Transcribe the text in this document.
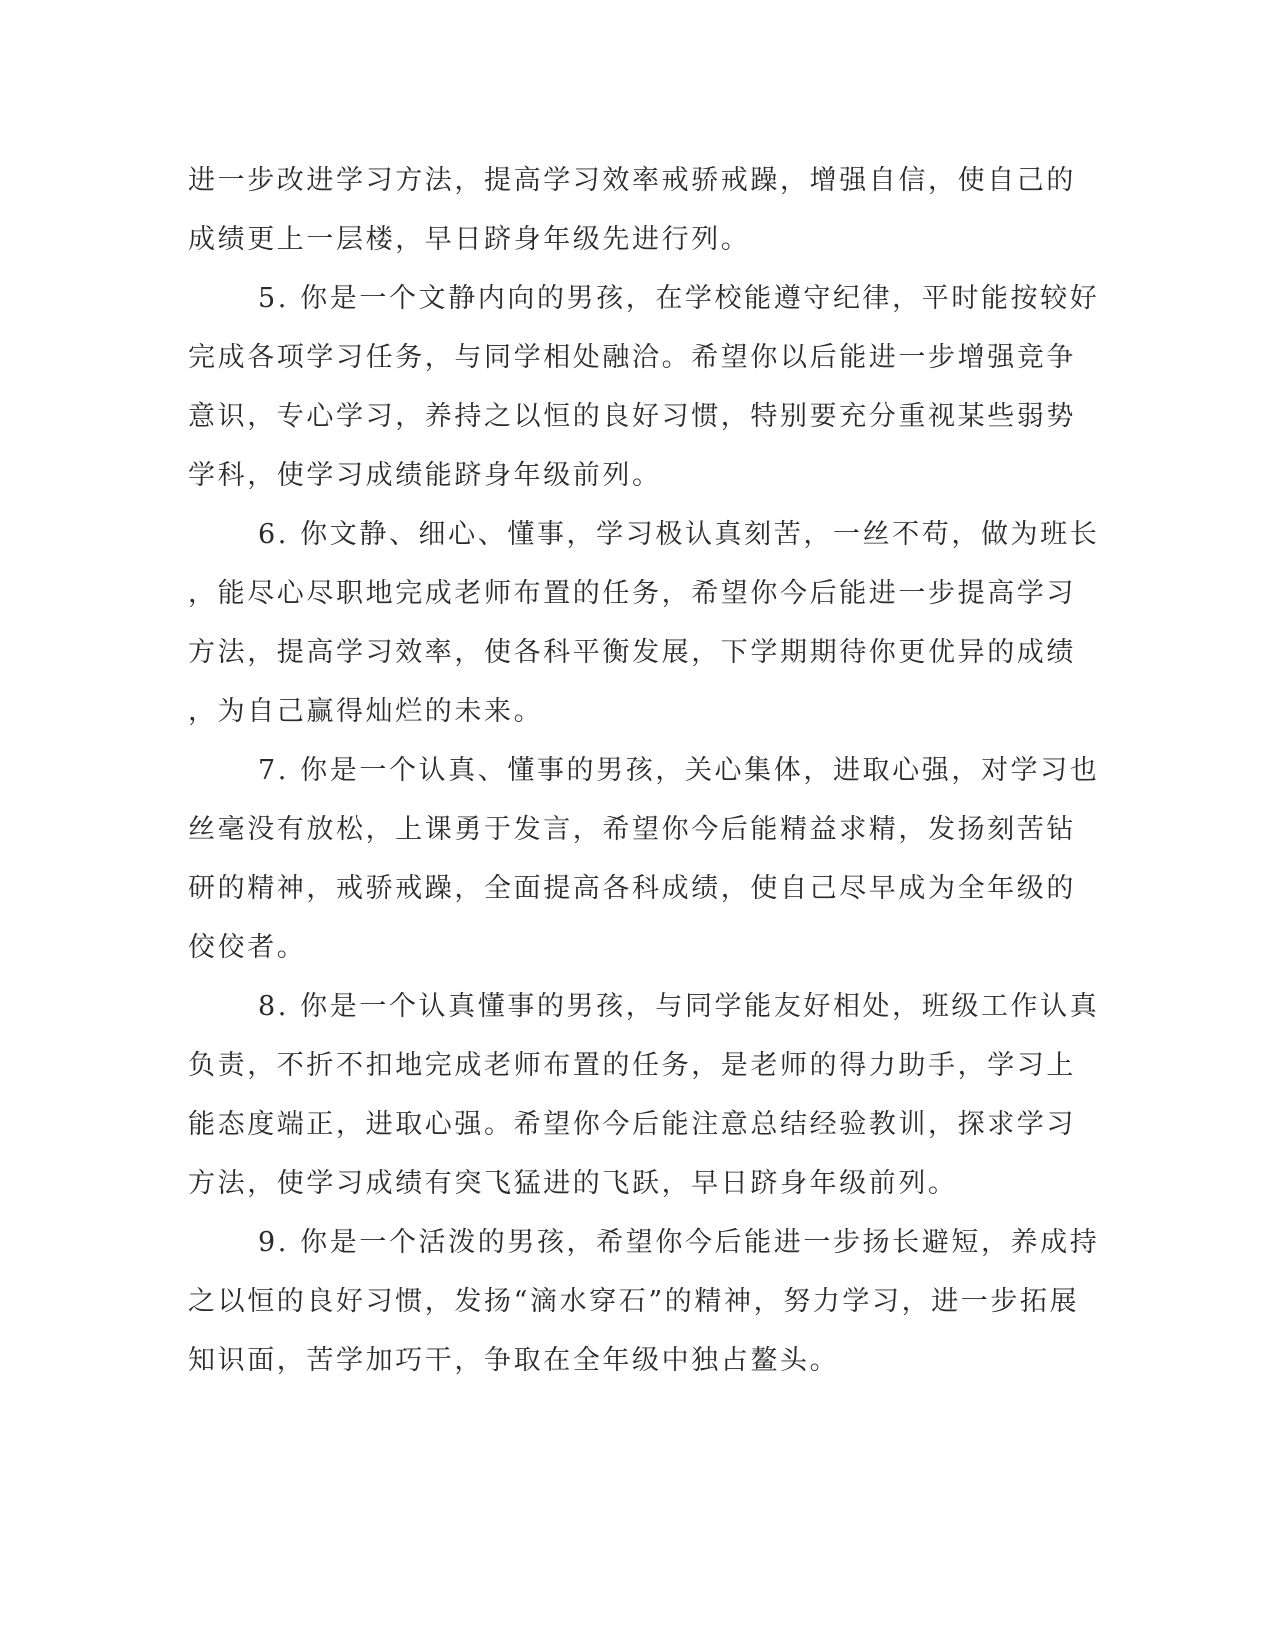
进一步改进学习方法，提高学习效率戒骄戒躁，增强自信，使自己的
成绩更上一层楼，早日跻身年级先进行列。
5. 你是一个文静内向的男孩，在学校能遵守纪律，平时能按较好
完成各项学习任务，与同学相处融洽。希望你以后能进一步增强竞争
意识，专心学习，养持之以恒的良好习惯，特别要充分重视某些弱势
学科，使学习成绩能跻身年级前列。
6. 你文静、细心、懂事，学习极认真刻苦，一丝不苟，做为班长
，能尽心尽职地完成老师布置的任务，希望你今后能进一步提高学习
方法，提高学习效率，使各科平衡发展，下学期期待你更优异的成绩
，为自己赢得灿烂的未来。
7. 你是一个认真、懂事的男孩，关心集体，进取心强，对学习也
丝毫没有放松，上课勇于发言，希望你今后能精益求精，发扬刻苦钻
研的精神，戒骄戒躁，全面提高各科成绩，使自己尽早成为全年级的
佼佼者。
8. 你是一个认真懂事的男孩，与同学能友好相处，班级工作认真
负责，不折不扣地完成老师布置的任务，是老师的得力助手，学习上
能态度端正，进取心强。希望你今后能注意总结经验教训，探求学习
方法，使学习成绩有突飞猛进的飞跃，早日跻身年级前列。
9. 你是一个活泼的男孩，希望你今后能进一步扬长避短，养成持
之以恒的良好习惯，发扬“滴水穿石”的精神，努力学习，进一步拓展
知识面，苦学加巧干，争取在全年级中独占鳌头。
